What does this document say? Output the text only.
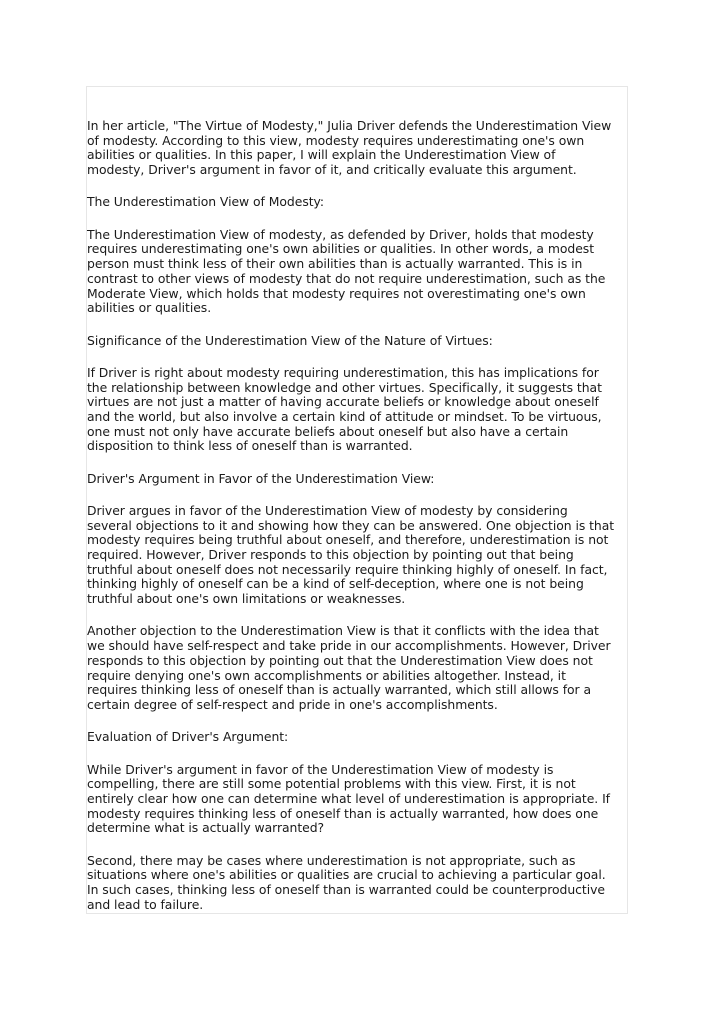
In her article, "The Virtue of Modesty," Julia Driver defends the Underestimation View
of modesty. According to this view, modesty requires underestimating one's own
abilities or qualities. In this paper, I will explain the Underestimation View of
modesty, Driver's argument in favor of it, and critically evaluate this argument.

The Underestimation View of Modesty:

The Underestimation View of modesty, as defended by Driver, holds that modesty
requires underestimating one's own abilities or qualities. In other words, a modest
person must think less of their own abilities than is actually warranted. This is in
contrast to other views of modesty that do not require underestimation, such as the
Moderate View, which holds that modesty requires not overestimating one's own
abilities or qualities.

Significance of the Underestimation View of the Nature of Virtues:

If Driver is right about modesty requiring underestimation, this has implications for
the relationship between knowledge and other virtues. Specifically, it suggests that
virtues are not just a matter of having accurate beliefs or knowledge about oneself
and the world, but also involve a certain kind of attitude or mindset. To be virtuous,
one must not only have accurate beliefs about oneself but also have a certain
disposition to think less of oneself than is warranted.

Driver's Argument in Favor of the Underestimation View:

Driver argues in favor of the Underestimation View of modesty by considering
several objections to it and showing how they can be answered. One objection is that
modesty requires being truthful about oneself, and therefore, underestimation is not
required. However, Driver responds to this objection by pointing out that being
truthful about oneself does not necessarily require thinking highly of oneself. In fact,
thinking highly of oneself can be a kind of self-deception, where one is not being
truthful about one's own limitations or weaknesses.

Another objection to the Underestimation View is that it conflicts with the idea that
we should have self-respect and take pride in our accomplishments. However, Driver
responds to this objection by pointing out that the Underestimation View does not
require denying one's own accomplishments or abilities altogether. Instead, it
requires thinking less of oneself than is actually warranted, which still allows for a
certain degree of self-respect and pride in one's accomplishments.

Evaluation of Driver's Argument:

While Driver's argument in favor of the Underestimation View of modesty is
compelling, there are still some potential problems with this view. First, it is not
entirely clear how one can determine what level of underestimation is appropriate. If
modesty requires thinking less of oneself than is actually warranted, how does one
determine what is actually warranted?

Second, there may be cases where underestimation is not appropriate, such as
situations where one's abilities or qualities are crucial to achieving a particular goal.
In such cases, thinking less of oneself than is warranted could be counterproductive
and lead to failure.
